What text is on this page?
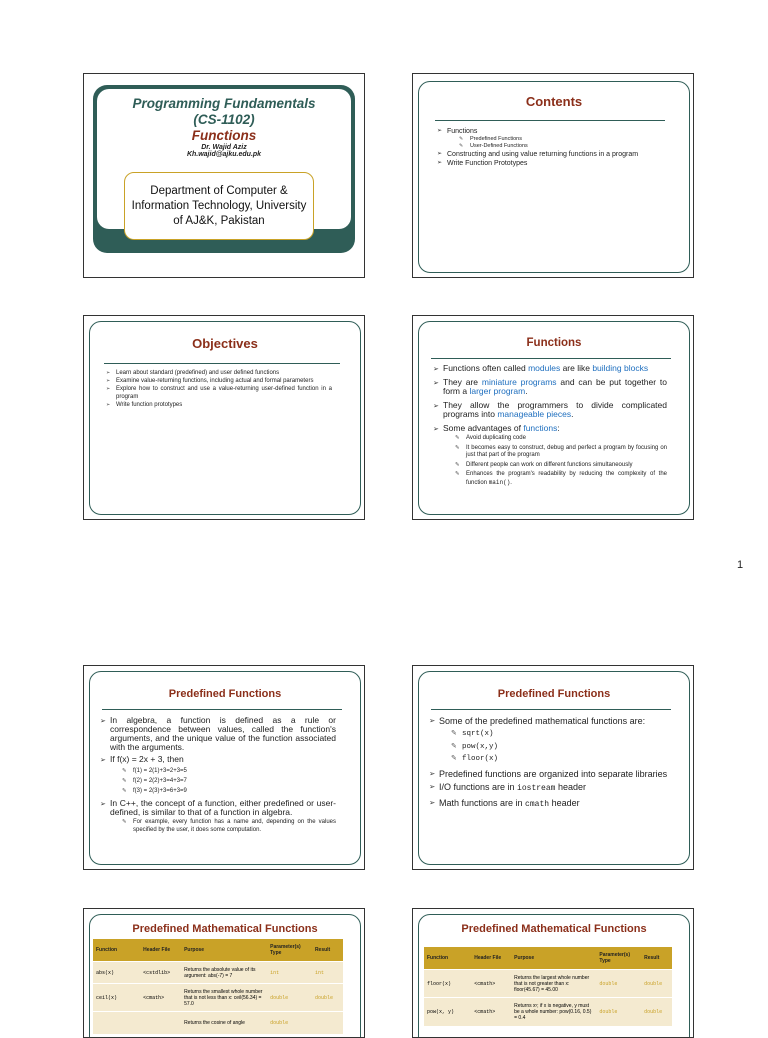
Programming Fundamentals
(CS-1102)
Functions
Dr. Wajid Aziz
Kh.wajid@ajku.edu.pk
Department of Computer & Information Technology, University of AJ&K, Pakistan
Contents
➢ Functions
✎ Predefined Functions
✎ User-Defined Functions
➢ Constructing and using value returning functions in a program
➢ Write Function Prototypes
Objectives
➢ Learn about standard (predefined) and user defined functions
➢ Examine value-returning functions, including actual and formal parameters
➢ Explore how to construct and use a value-returning user-defined function in a program
➢ Write function prototypes
Functions
➢ Functions often called modules are like building blocks
➢ They are miniature programs and can be put together to form a larger program.
➢ They allow the programmers to divide complicated programs into manageable pieces.
➢ Some advantages of functions:
✎ Avoid duplicating code
✎ It becomes easy to construct, debug and perfect a program by focusing on just that part of the program
✎ Different people can work on different functions simultaneously
✎ Enhances the program's readability by reducing the complexity of the function main().
1
Predefined Functions
➢ In algebra, a function is defined as a rule or correspondence between values, called the function's arguments, and the unique value of the function associated with the arguments.
➢ If f(x) = 2x + 3, then
✎ f(1) = 2(1)+3=2+3=5
✎ f(2) = 2(2)+3=4+3=7
✎ f(3) = 2(3)+3=6+3=9
➢ In C++, the concept of a function, either predefined or user-defined, is similar to that of a function in algebra.
✎ For example, every function has a name and, depending on the values specified by the user, it does some computation.
Predefined Functions
➢ Some of the predefined mathematical functions are:
✎ sqrt(x)
✎ pow(x,y)
✎ floor(x)
➢ Predefined functions are organized into separate libraries
➢ I/O functions are in iostream header
➢ Math functions are in cmath header
Predefined Mathematical Functions
Function	Header File	Purpose	Parameter(s) Type	Result
abs(x)	<cstdlib>	Returns the absolute value of its argument: abs(-7) = 7	int	int
ceil(x)	<cmath>	Returns the smallest whole number that is not less than x: ceil(56.34) = 57.0	double	double
		Returns the cosine of angle	double	
Predefined Mathematical Functions
Function	Header File	Purpose	Parameter(s) Type	Result
floor(x)	<cmath>	Returns the largest whole number that is not greater than x: floor(45.67) = 45.00	double	double
pow(x, y)	<cmath>	Returns xʸ; if x is negative, y must be a whole number: pow(0.16, 0.5) = 0.4	double	double
